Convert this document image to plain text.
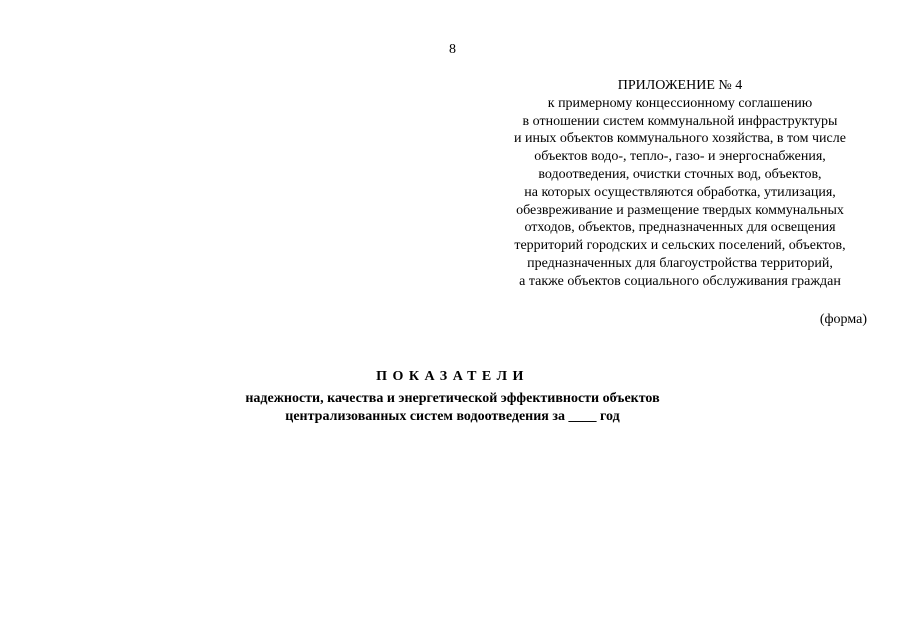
8
ПРИЛОЖЕНИЕ № 4
к примерному концессионному соглашению
в отношении систем коммунальной инфраструктуры
и иных объектов коммунального хозяйства, в том числе
объектов водо-, тепло-, газо- и энергоснабжения,
водоотведения, очистки сточных вод, объектов,
на которых осуществляются обработка, утилизация,
обезвреживание и размещение твердых коммунальных
отходов, объектов, предназначенных для освещения
территорий городских и сельских поселений, объектов,
предназначенных для благоустройства территорий,
а также объектов социального обслуживания граждан
(форма)
ПОКАЗАТЕЛИ
надежности, качества и энергетической эффективности объектов
централизованных систем водоотведения за ____ год
